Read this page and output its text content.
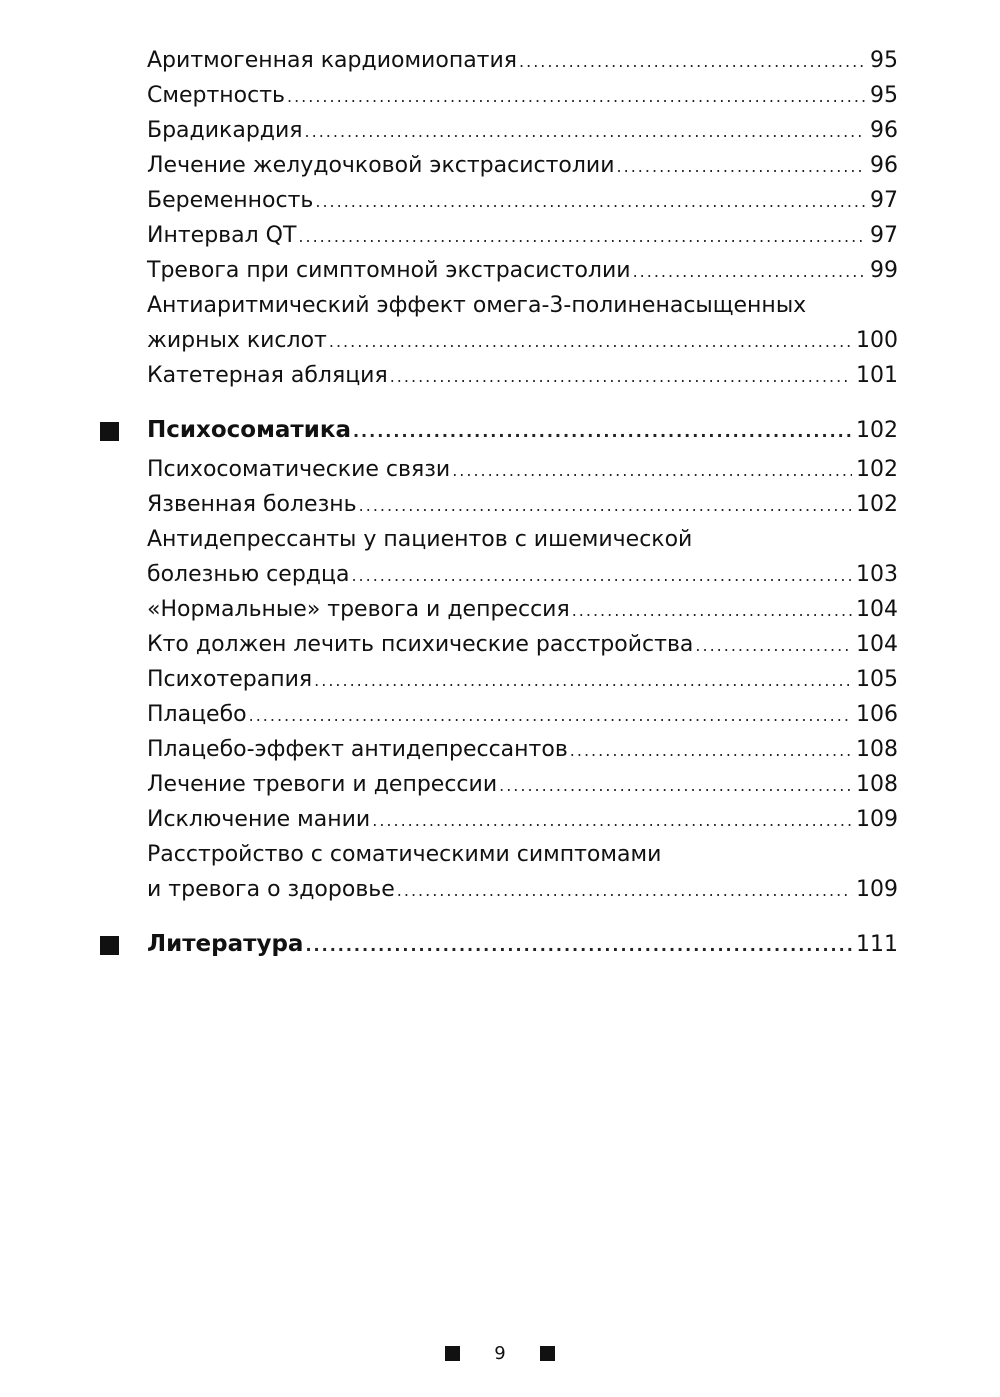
Аритмогенная кардиомиопатия .....	95
Смертность .....	95
Брадикардия .....	96
Лечение желудочковой экстрасистолии .....	96
Беременность .....	97
Интервал QT .....	97
Тревога при симптомной экстрасистолии .....	99
Антиаритмический эффект омега-3-полиненасыщенных
жирных кислот .....	100
Катетерная абляция .....	101
Психосоматика .....	102
Психосоматические связи .....	102
Язвенная болезнь .....	102
Антидепрессанты у пациентов с ишемической
болезнью сердца .....	103
«Нормальные» тревога и депрессия .....	104
Кто должен лечить психические расстройства .....	104
Психотерапия .....	105
Плацебо .....	106
Плацебо-эффект антидепрессантов .....	108
Лечение тревоги и депрессии .....	108
Исключение мании .....	109
Расстройство с соматическими симптомами
и тревога о здоровье .....	109
Литература .....	111
9
